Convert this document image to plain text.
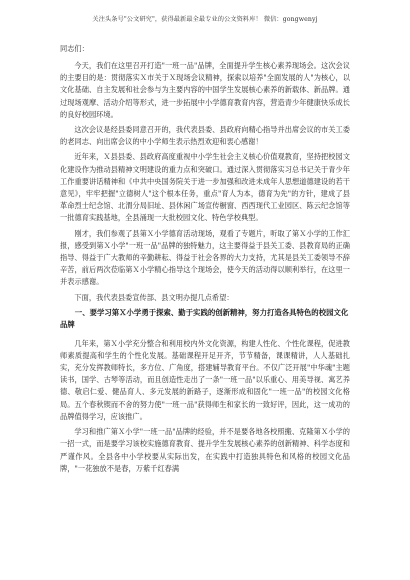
关注头条号"公文研究"，获得最新最全最专业的公文资料库！ 微信：gongwenyj
同志们：

今天，我们在这里召开打造"一班一品"品牌，全面提升学生核心素养现场会。这次会议的主要目的是：贯彻落实Ｘ市关于Ｘ现场会议精神，探索以培养"全面发展的人"为核心，以文化基础、自主发展和社会参与为主要内容的中国学生发展核心素养的新载体、新品牌。通过现场观摩、活动介绍等形式，进一步拓展中小学德育教育内容，营造青少年健康快乐成长的良好校园环境。

这次会议是经县委同意召开的，我代表县委、县政府向精心指导并出席会议的市关工委的老同志、向出席会议的中小学师生表示热烈欢迎和衷心感谢！

近年来，Ｘ县县委、县政府高度重视中小学生社会主义核心价值观教育，坚持把校园文化建设作为推动县精神文明建设的重力点和突破口。通过深入贯彻落实习总书记关于青少年工作重要讲话精神和《中共中央国务院关于进一步加强和改进未成年人思想道德建设的若干意见》，牢牢把握"立德树人"这个根本任务，重点"育人为本，德育为先"的方针，建成了县革命烈士纪念馆、北渭分局旧址、县休闲广场宣传橱窗、西西现代工业园区、陈云纪念馆等一批德育实践基地，全县涌现一大批校园文化、特色学校典型。

刚才，我们参观了县第Ｘ小学德育活动现场，观看了专题片，听取了第Ｘ小学的工作汇报，感受到第Ｘ小学"一班一品"品牌的独特魅力，这主要得益于县关工委、县教育局的正确指导、得益于广大教师的辛勤耕耘、得益于社会各界的大力支持，尤其是县关工委领导不辞辛苦，前后两次莅临第Ｘ小学精心指导这个现场会，使今天的活动得以顺利举行，在这里一并表示感谢。

下面，我代表县委宣传部、县文明办提几点希望：

一、要学习第Ｘ小学勇于探索、勤于实践的创新精神，努力打造各具特色的校园文化品牌

几年来，第Ｘ小学充分整合和利用校内外文化资源，构建人性化、个性化课程，促进教师素质提高和学生的个性化发展。基础课程开足开齐，节节精备，课课精讲，人人基础扎实，充分发挥教师特长，多方位、广角度，搭建辅导教育平台。不仅广泛开展"中华魂"主题读书，国学、古琴等活动，而且创造性走出了一条"一班一品"以乐重心、用美导视、寓艺养德、敬启仁爱、健品育人、多元发展的新路子，逐渐形成和固化"一班一品"的校园文化格局。五个春秋锲而不舍的努力使"一班一品"获得师生和家长的一致好评，因此，这一成功的品牌值得学习，应该推广。

学习和推广第Ｘ小学"一班一品"品牌的经验，并不是要各地各校照搬、克隆第Ｘ小学的一招一式，而是要学习该校实施德育教育、提升学生发展核心素养的创新精神、科学态度和严谨作风。全县各中小学校要从实际出发，在实践中打造独具特色和风格的校园文化品牌，"一花独放不是春，万紫千红春满
